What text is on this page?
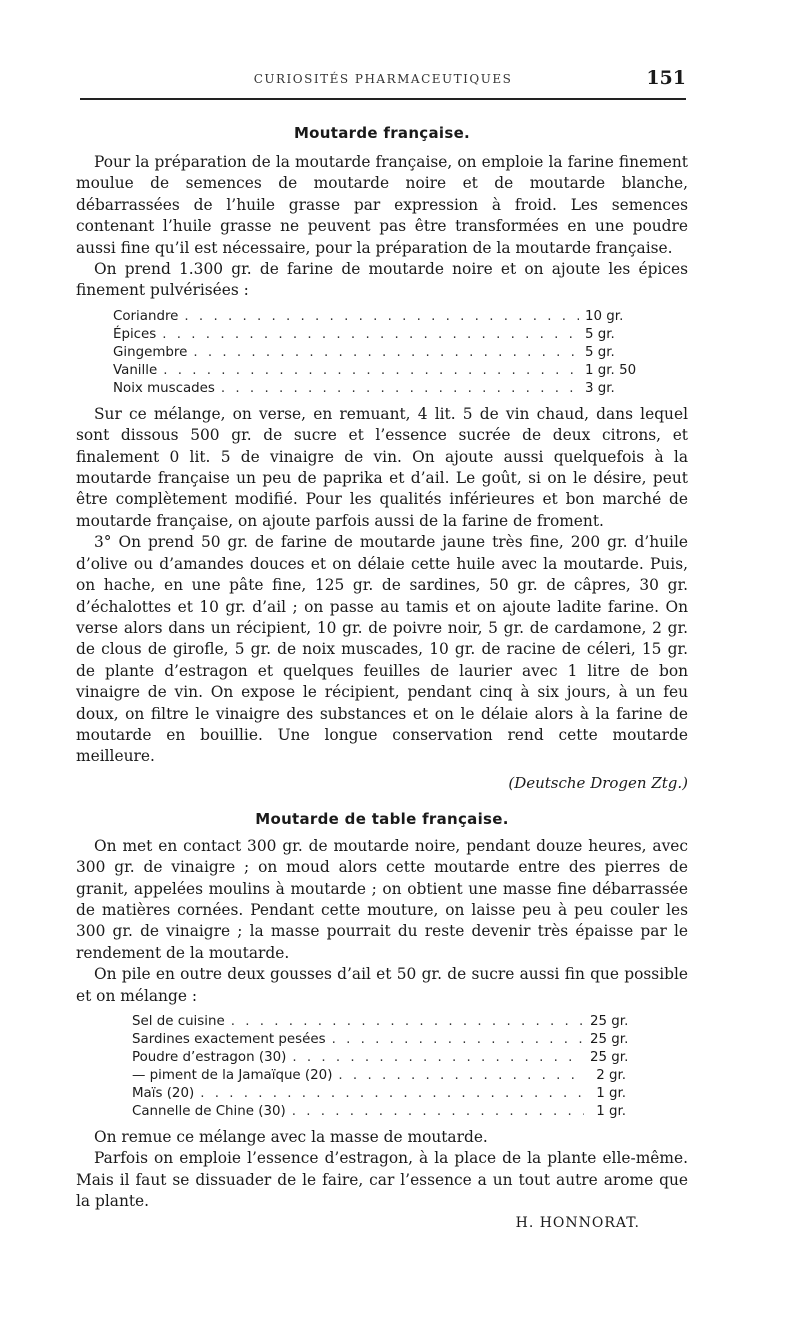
CURIOSITÉS PHARMACEUTIQUES	151
Moutarde française.

Pour la préparation de la moutarde française, on emploie la farine finement moulue de semences de moutarde noire et de moutarde blanche, débarrassées de l’huile grasse par expression à froid. Les semences contenant l’huile grasse ne peuvent pas être transformées en une poudre aussi fine qu’il est nécessaire, pour la préparation de la moutarde française.

On prend 1.300 gr. de farine de moutarde noire et on ajoute les épices finement pulvérisées :

Coriandre . . .	10 gr.
Épices . . .	5 gr.
Gingembre . . .	5 gr.
Vanille . . .	1 gr. 50
Noix muscades . . .	3 gr.

Sur ce mélange, on verse, en remuant, 4 lit. 5 de vin chaud, dans lequel sont dissous 500 gr. de sucre et l’essence sucrée de deux citrons, et finalement 0 lit. 5 de vinaigre de vin. On ajoute aussi quelquefois à la moutarde française un peu de paprika et d’ail. Le goût, si on le désire, peut être complètement modifié. Pour les qualités inférieures et bon marché de moutarde française, on ajoute parfois aussi de la farine de froment.

3° On prend 50 gr. de farine de moutarde jaune très fine, 200 gr. d’huile d’olive ou d’amandes douces et on délaie cette huile avec la moutarde. Puis, on hache, en une pâte fine, 125 gr. de sardines, 50 gr. de câpres, 30 gr. d’échalottes et 10 gr. d’ail ; on passe au tamis et on ajoute ladite farine. On verse alors dans un récipient, 10 gr. de poivre noir, 5 gr. de cardamone, 2 gr. de clous de girofle, 5 gr. de noix muscades, 10 gr. de racine de céleri, 15 gr. de plante d’estragon et quelques feuilles de laurier avec 1 litre de bon vinaigre de vin. On expose le récipient, pendant cinq à six jours, à un feu doux, on filtre le vinaigre des substances et on le délaie alors à la farine de moutarde en bouillie. Une longue conservation rend cette moutarde meilleure.

(Deutsche Drogen Ztg.)
Moutarde de table française.

On met en contact 300 gr. de moutarde noire, pendant douze heures, avec 300 gr. de vinaigre ; on moud alors cette moutarde entre des pierres de granit, appelées moulins à moutarde ; on obtient une masse fine débarrassée de matières cornées. Pendant cette mouture, on laisse peu à peu couler les 300 gr. de vinaigre ; la masse pourrait du reste devenir très épaisse par le rendement de la moutarde.

On pile en outre deux gousses d’ail et 50 gr. de sucre aussi fin que possible et on mélange :

Sel de cuisine . . .	25 gr.
Sardines exactement pesées . . .	25 gr.
Poudre d’estragon (30) . . .	25 gr.
— piment de la Jamaïque (20) . . .	2 gr.
Maïs (20) . . .	1 gr.
Cannelle de Chine (30) . . .	1 gr.

On remue ce mélange avec la masse de moutarde.

Parfois on emploie l’essence d’estragon, à la place de la plante elle-même. Mais il faut se dissuader de le faire, car l’essence a un tout autre arome que la plante.

H. HONNORAT.
